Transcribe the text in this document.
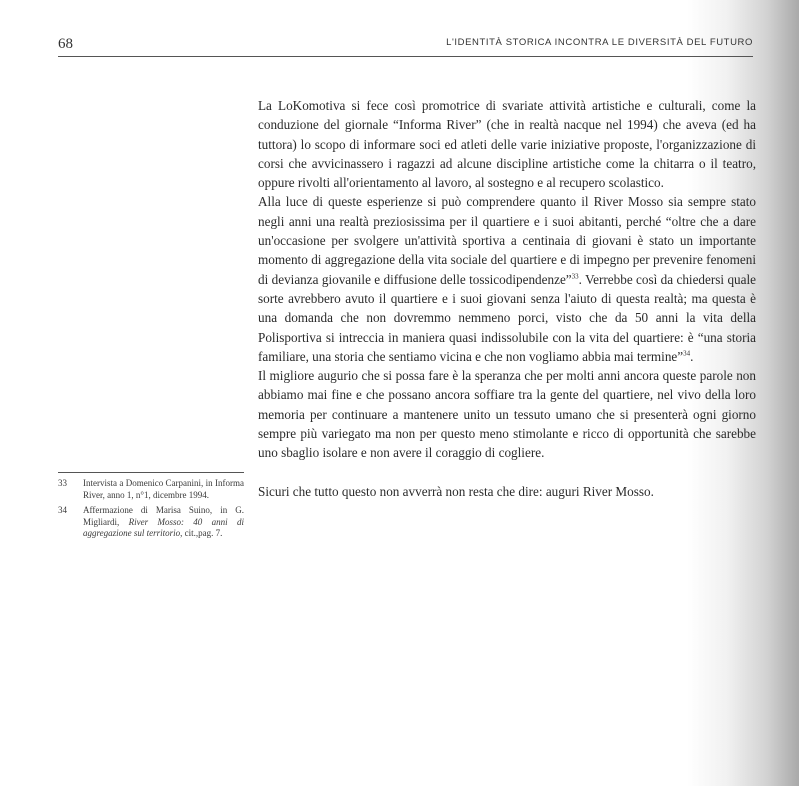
68	L'IDENTITÀ STORICA INCONTRA LE DIVERSITÀ DEL FUTURO

La LoKomotiva si fece così promotrice di svariate attività artistiche e culturali, come la conduzione del giornale “Informa River” (che in realtà nacque nel 1994) che aveva (ed ha tuttora) lo scopo di informare soci ed atleti delle varie iniziative proposte, l'organizzazione di corsi che avvicinassero i ragazzi ad alcune discipline artistiche come la chitarra o il teatro, oppure rivolti all'orientamento al lavoro, al sostegno e al recupero scolastico.

Alla luce di queste esperienze si può comprendere quanto il River Mosso sia sempre stato negli anni una realtà preziosissima per il quartiere e i suoi abitanti, perché “oltre che a dare un'occasione per svolgere un'attività sportiva a centinaia di giovani è stato un importante momento di aggregazione della vita sociale del quartiere e di impegno per prevenire fenomeni di devianza giovanile e diffusione delle tossicodipendenze”$^{33}$. Verrebbe così da chiedersi quale sorte avrebbero avuto il quartiere e i suoi giovani senza l'aiuto di questa realtà; ma questa è una domanda che non dovremmo nemmeno porci, visto che da 50 anni la vita della Polisportiva si intreccia in maniera quasi indissolubile con la vita del quartiere: è “una storia familiare, una storia che sentiamo vicina e che non vogliamo abbia mai termine”$^{34}$.

Il migliore augurio che si possa fare è la speranza che per molti anni ancora queste parole non abbiamo mai fine e che possano ancora soffiare tra la gente del quartiere, nel vivo della loro memoria per continuare a mantenere unito un tessuto umano che si presenterà ogni giorno sempre più variegato ma non per questo meno stimolante e ricco di opportunità che sarebbe uno sbaglio isolare e non avere il coraggio di cogliere.

Sicuri che tutto questo non avverrà non resta che dire: auguri River Mosso.

33	Intervista a Domenico Carpanini, in Informa River, anno 1, n°1, dicembre 1994.
34	Affermazione di Marisa Suino, in G. Migliardi, River Mosso: 40 anni di aggregazione sul territorio, cit.,pag. 7.
